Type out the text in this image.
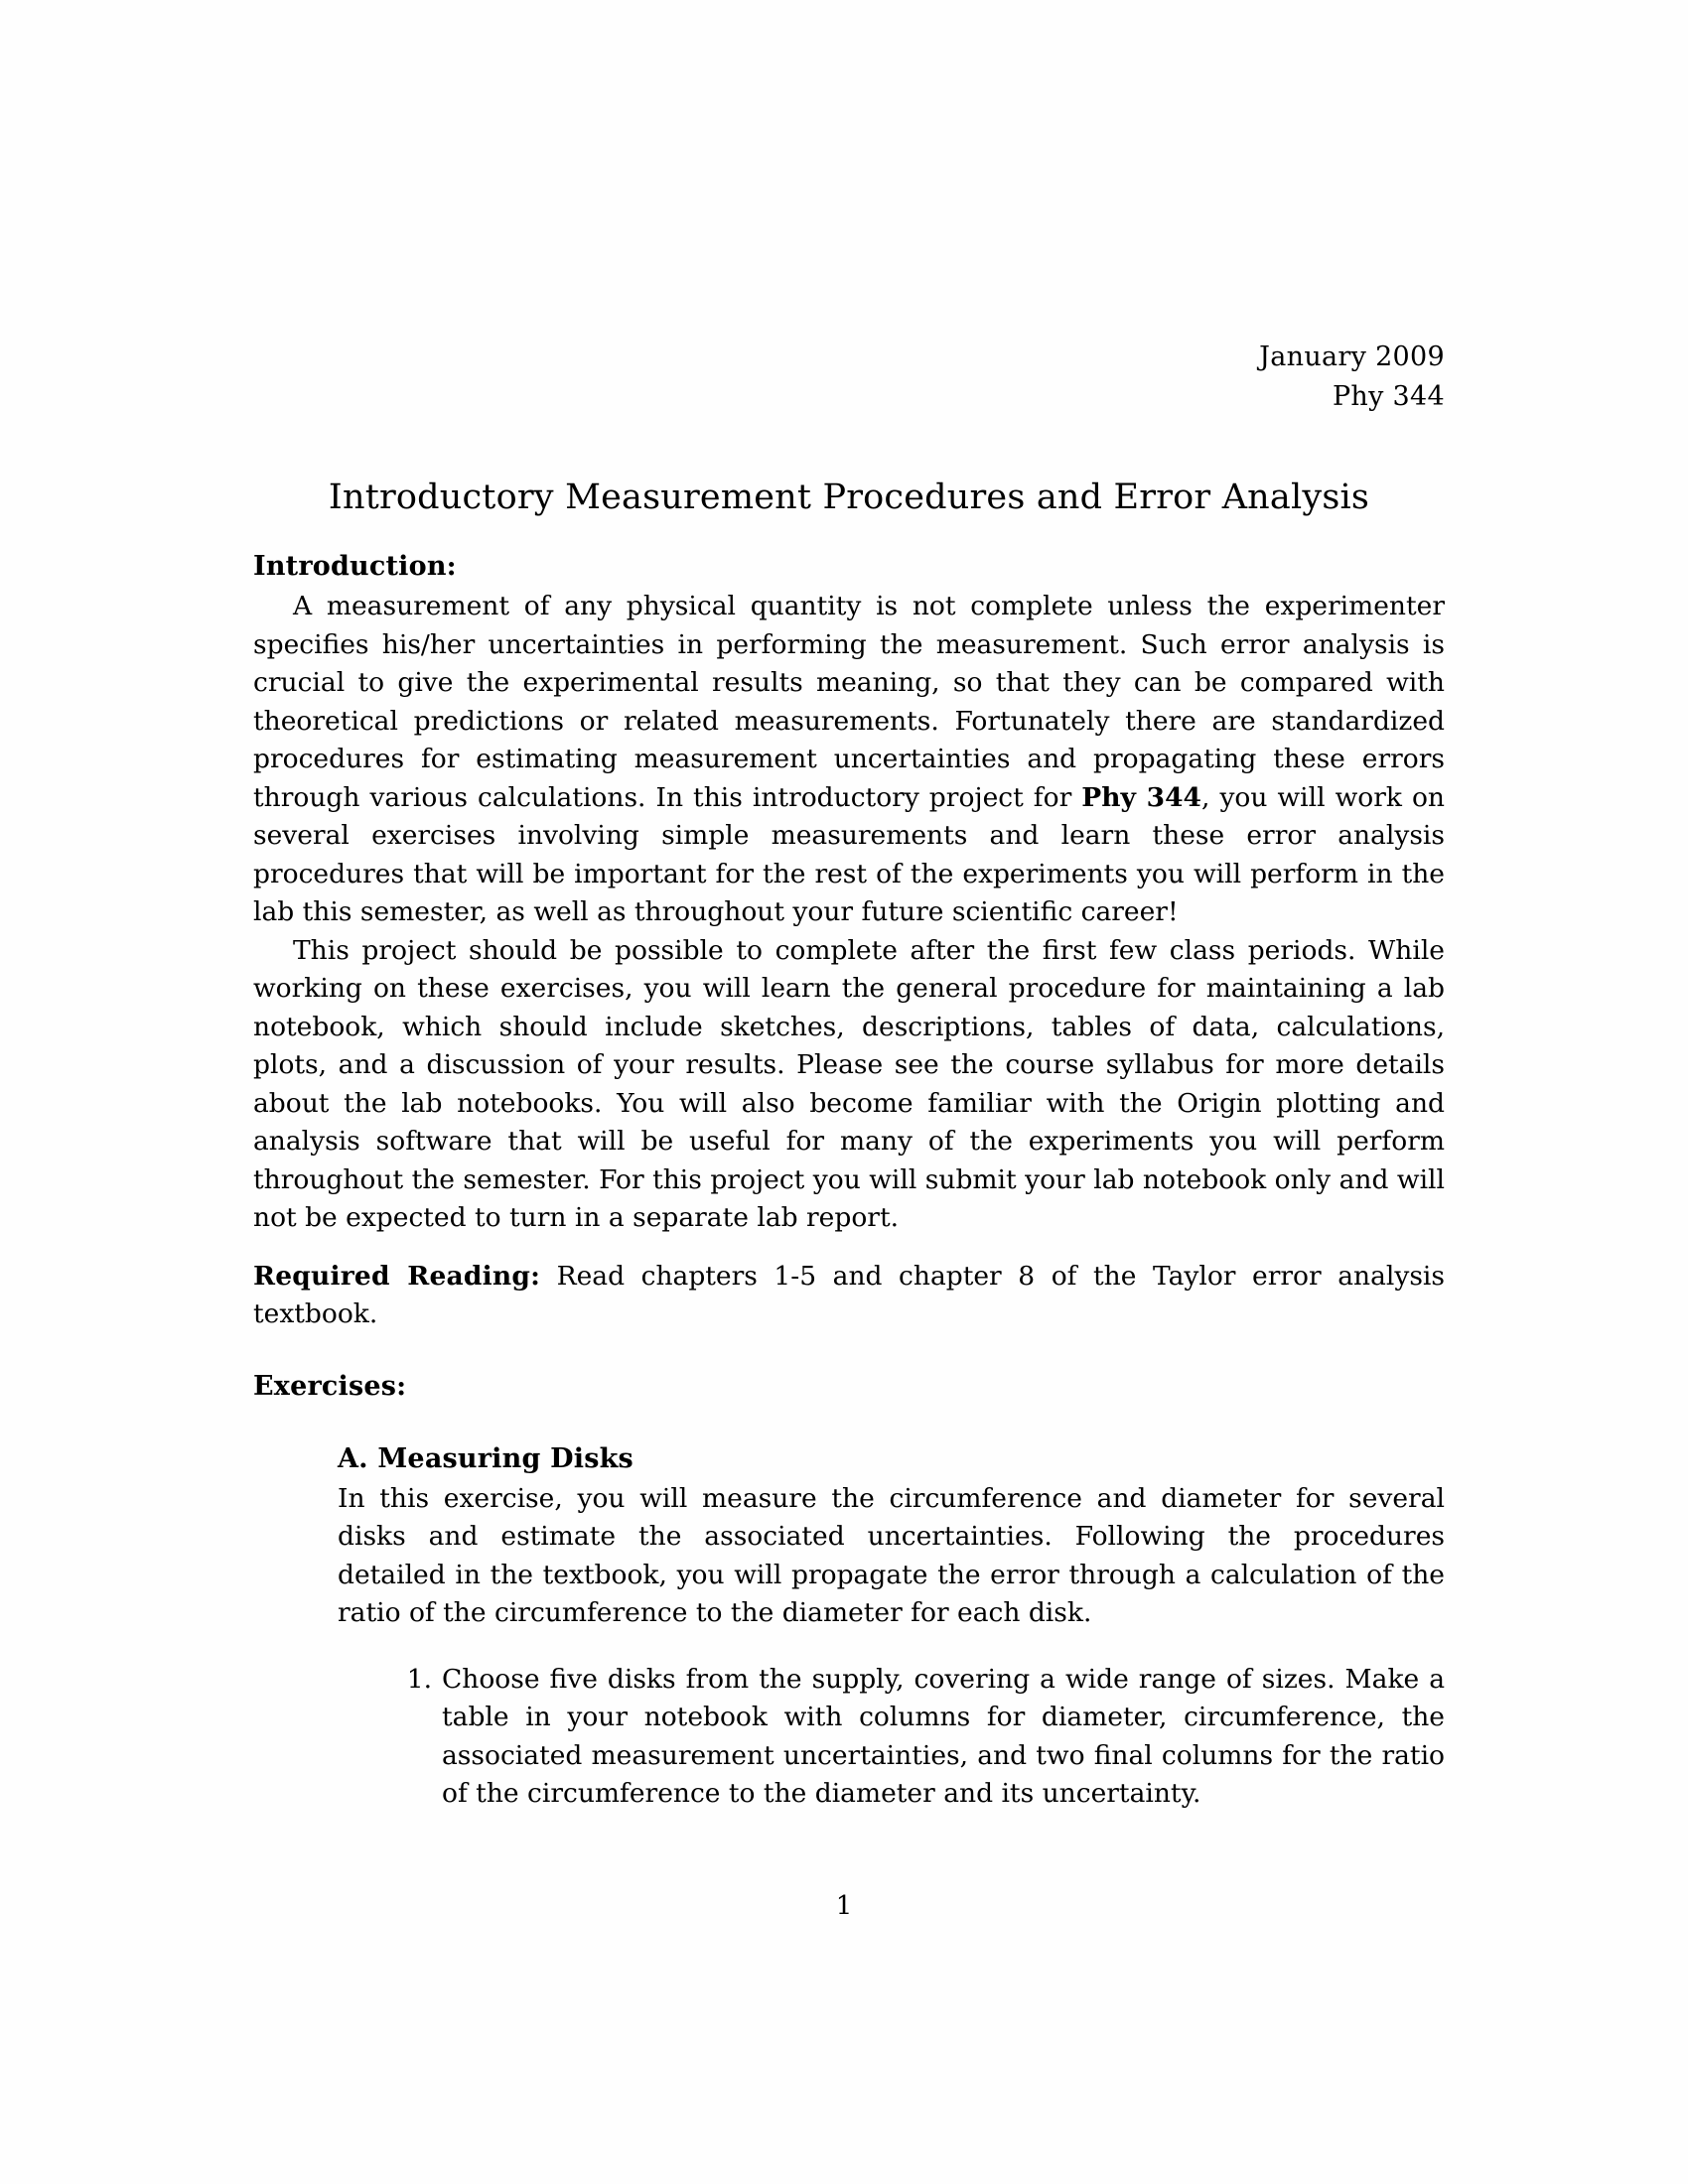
January 2009
Phy 344
Introductory Measurement Procedures and Error Analysis
Introduction:

A measurement of any physical quantity is not complete unless the experimenter specifies his/her uncertainties in performing the measurement. Such error analysis is crucial to give the experimental results meaning, so that they can be compared with theoretical predictions or related measurements. Fortunately there are standardized procedures for estimating measurement uncertainties and propagating these errors through various calculations. In this introductory project for Phy 344, you will work on several exercises involving simple measurements and learn these error analysis procedures that will be important for the rest of the experiments you will perform in the lab this semester, as well as throughout your future scientific career!

This project should be possible to complete after the first few class periods. While working on these exercises, you will learn the general procedure for maintaining a lab notebook, which should include sketches, descriptions, tables of data, calculations, plots, and a discussion of your results. Please see the course syllabus for more details about the lab notebooks. You will also become familiar with the Origin plotting and analysis software that will be useful for many of the experiments you will perform throughout the semester. For this project you will submit your lab notebook only and will not be expected to turn in a separate lab report.

Required Reading: Read chapters 1-5 and chapter 8 of the Taylor error analysis textbook.

Exercises:
A. Measuring Disks

In this exercise, you will measure the circumference and diameter for several disks and estimate the associated uncertainties. Following the procedures detailed in the textbook, you will propagate the error through a calculation of the ratio of the circumference to the diameter for each disk.

1. Choose five disks from the supply, covering a wide range of sizes. Make a table in your notebook with columns for diameter, circumference, the associated measurement uncertainties, and two final columns for the ratio of the circumference to the diameter and its uncertainty.
1
